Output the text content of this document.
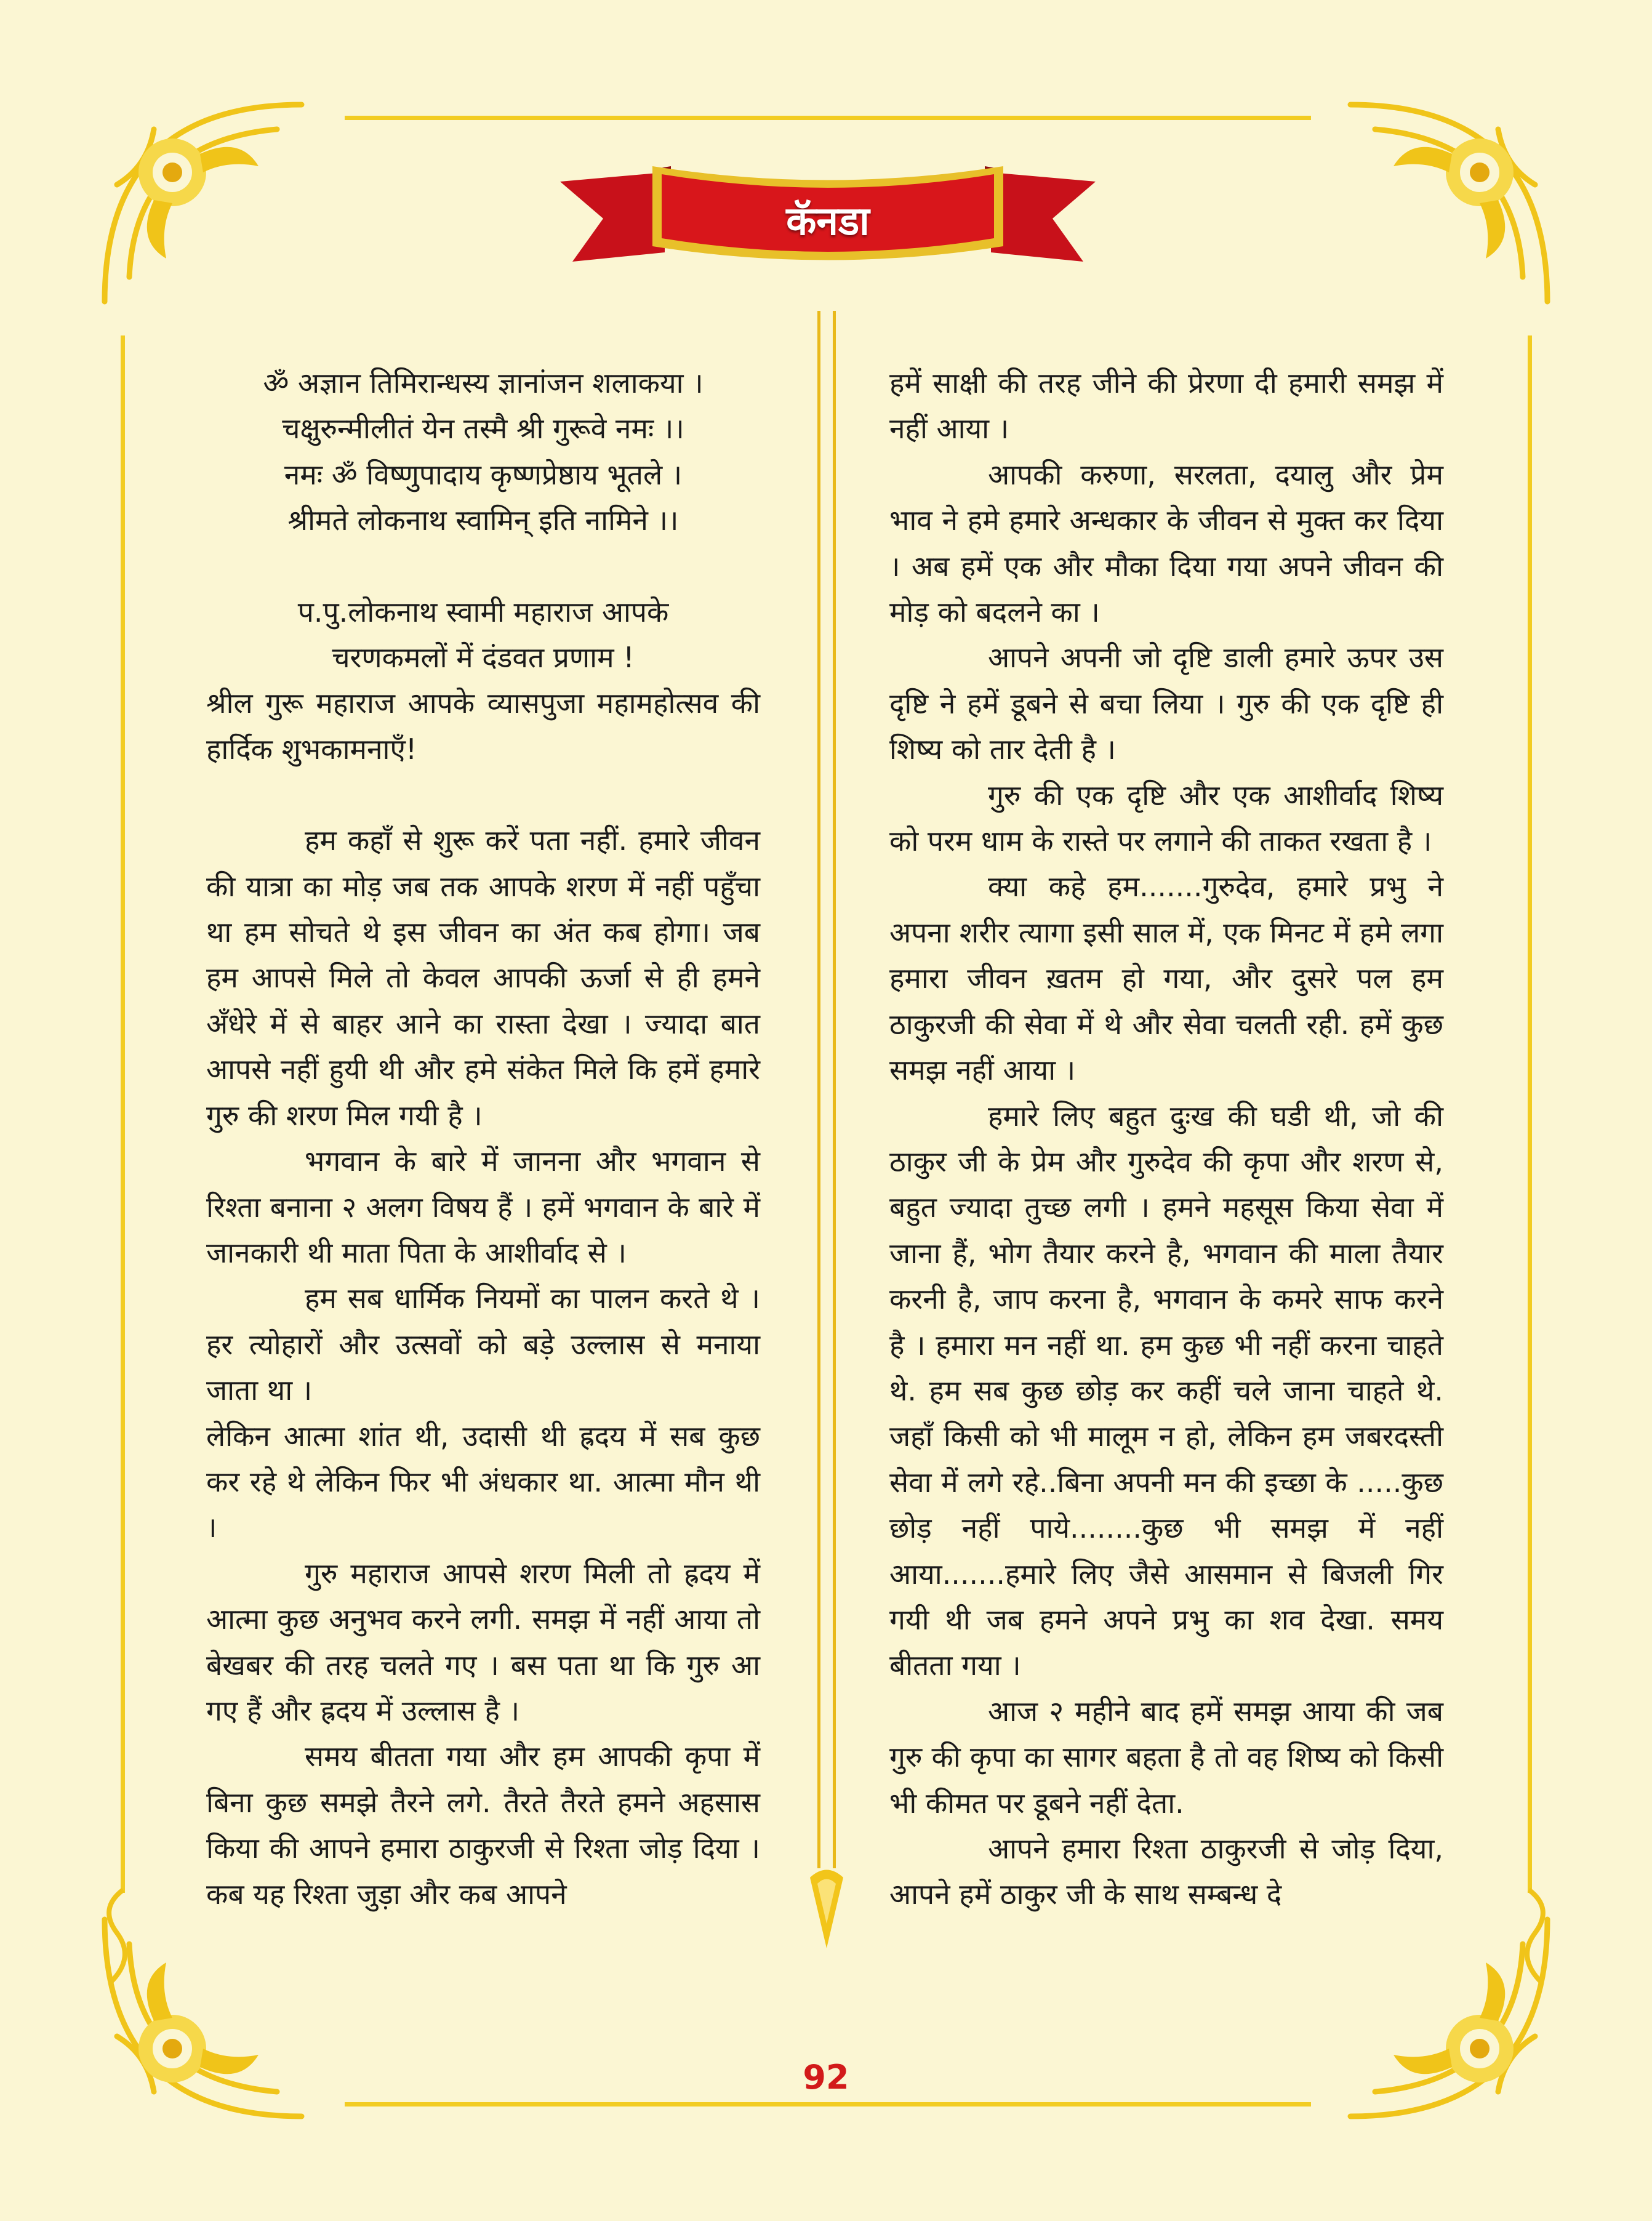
कॅनडा

ॐ अज्ञान तिमिरान्धस्य ज्ञानांजन शलाकया ।

चक्षुरुन्मीलीतं येन तस्मै श्री गुरूवे नमः ।।

नमः ॐ विष्णुपादाय कृष्णप्रेष्ठाय भूतले ।

श्रीमते लोकनाथ स्वामिन् इति नामिने ।।

प.पु.लोकनाथ स्वामी महाराज आपके

चरणकमलों में दंडवत प्रणाम !

श्रील गुरू महाराज आपके व्यासपुजा महामहोत्सव की हार्दिक शुभकामनाएँ!

हम कहाँ से शुरू करें पता नहीं. हमारे जीवन की यात्रा का मोड़ जब तक आपके शरण में नहीं पहुँचा था हम सोचते थे इस जीवन का अंत कब होगा। जब हम आपसे मिले तो केवल आपकी ऊर्जा से ही हमने अँधेरे में से बाहर आने का रास्ता देखा । ज्यादा बात आपसे नहीं हुयी थी और हमे संकेत मिले कि हमें हमारे गुरु की शरण मिल गयी है ।

भगवान के बारे में जानना और भगवान से रिश्ता बनाना २ अलग विषय हैं । हमें भगवान के बारे में जानकारी थी माता पिता के आशीर्वाद से ।

हम सब धार्मिक नियमों का पालन करते थे । हर त्योहारों और उत्सवों को बड़े उल्लास से मनाया जाता था ।

लेकिन आत्मा शांत थी, उदासी थी ह्रदय में सब कुछ कर रहे थे लेकिन फिर भी अंधकार था. आत्मा मौन थी ।

गुरु महाराज आपसे शरण मिली तो ह्रदय में आत्मा कुछ अनुभव करने लगी. समझ में नहीं आया तो बेखबर की तरह चलते गए । बस पता था कि गुरु आ गए हैं और ह्रदय में उल्लास है ।

समय बीतता गया और हम आपकी कृपा में बिना कुछ समझे तैरने लगे. तैरते तैरते हमने अहसास किया की आपने हमारा ठाकुरजी से रिश्ता जोड़ दिया । कब यह रिश्ता जुड़ा और कब आपने

हमें साक्षी की तरह जीने की प्रेरणा दी हमारी समझ में नहीं आया ।

आपकी करुणा, सरलता, दयालु और प्रेम भाव ने हमे हमारे अन्धकार के जीवन से मुक्त कर दिया । अब हमें एक और मौका दिया गया अपने जीवन की मोड़ को बदलने का ।

आपने अपनी जो दृष्टि डाली हमारे ऊपर उस दृष्टि ने हमें डूबने से बचा लिया । गुरु की एक दृष्टि ही शिष्य को तार देती है ।

गुरु की एक दृष्टि और एक आशीर्वाद शिष्य को परम धाम के रास्ते पर लगाने की ताकत रखता है ।

क्या कहे हम.......गुरुदेव, हमारे प्रभु ने अपना शरीर त्यागा इसी साल में, एक मिनट में हमे लगा हमारा जीवन ख़तम हो गया, और दुसरे पल हम ठाकुरजी की सेवा में थे और सेवा चलती रही. हमें कुछ समझ नहीं आया ।

हमारे लिए बहुत दुःख की घडी थी, जो की ठाकुर जी के प्रेम और गुरुदेव की कृपा और शरण से, बहुत ज्यादा तुच्छ लगी । हमने महसूस किया सेवा में जाना हैं, भोग तैयार करने है, भगवान की माला तैयार करनी है, जाप करना है, भगवान के कमरे साफ करने है । हमारा मन नहीं था. हम कुछ भी नहीं करना चाहते थे. हम सब कुछ छोड़ कर कहीं चले जाना चाहते थे. जहाँ किसी को भी मालूम न हो, लेकिन हम जबरदस्ती सेवा में लगे रहे..बिना अपनी मन की इच्छा के .....कुछ छोड़ नहीं पाये........कुछ भी समझ में नहीं आया.......हमारे लिए जैसे आसमान से बिजली गिर गयी थी जब हमने अपने प्रभु का शव देखा. समय बीतता गया ।

आज २ महीने बाद हमें समझ आया की जब गुरु की कृपा का सागर बहता है तो वह शिष्य को किसी भी कीमत पर डूबने नहीं देता.

आपने हमारा रिश्ता ठाकुरजी से जोड़ दिया, आपने हमें ठाकुर जी के साथ सम्बन्ध दे

92
